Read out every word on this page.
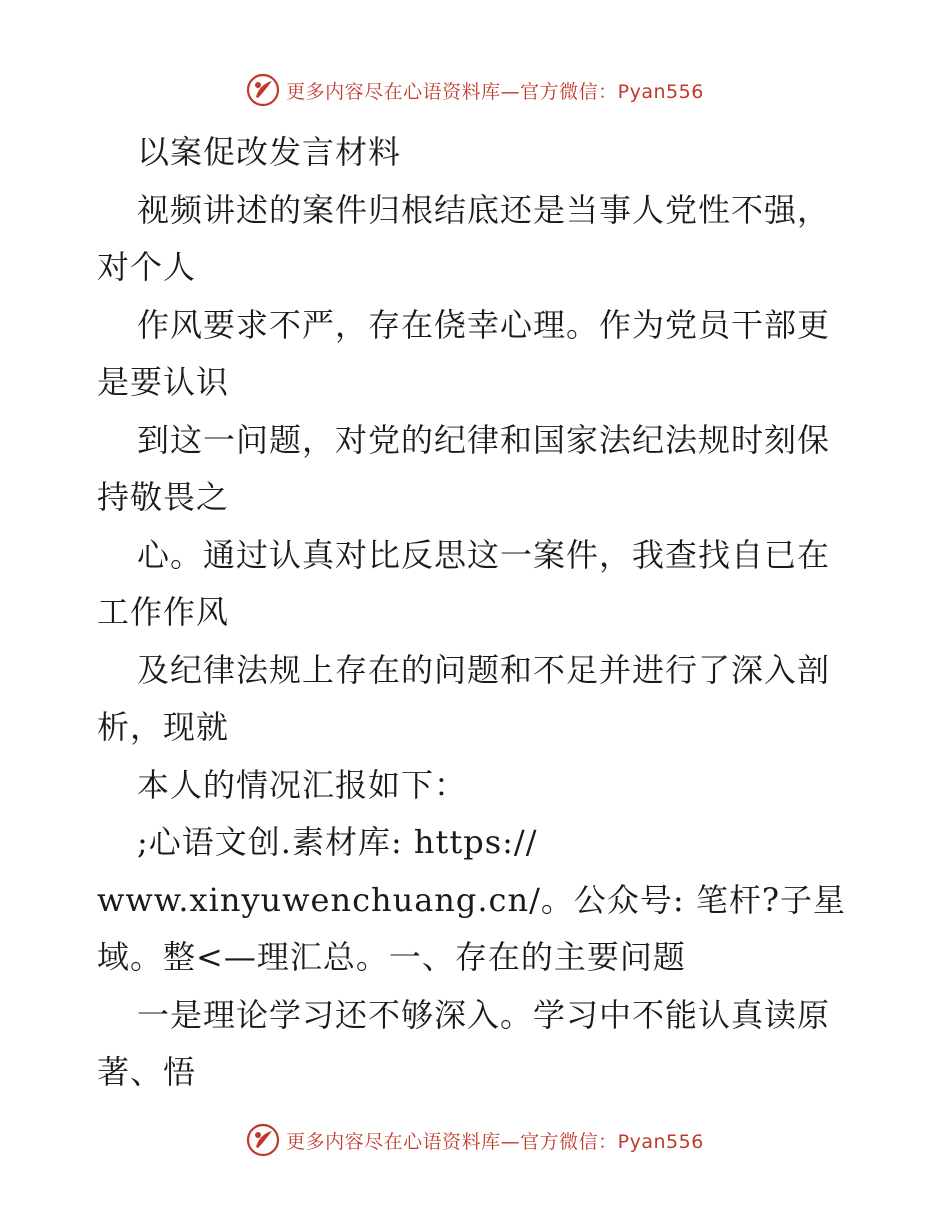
更多内容尽在心语资料库—官方微信：Pyan556
以案促改发言材料
视频讲述的案件归根结底还是当事人党性不强，
对个人
作风要求不严，存在侥幸心理。作为党员干部更
是要认识
到这一问题，对党的纪律和国家法纪法规时刻保
持敬畏之
心。通过认真对比反思这一案件，我查找自已在
工作作风
及纪律法规上存在的问题和不足并进行了深入剖
析，现就
本人的情况汇报如下：
;心语文创.素材库: https://
www.xinyuwenchuang.cn/。公众号: 笔杆?子星
域。整<—理汇总。一、存在的主要问题
一是理论学习还不够深入。学习中不能认真读原
著、悟
更多内容尽在心语资料库—官方微信：Pyan556
